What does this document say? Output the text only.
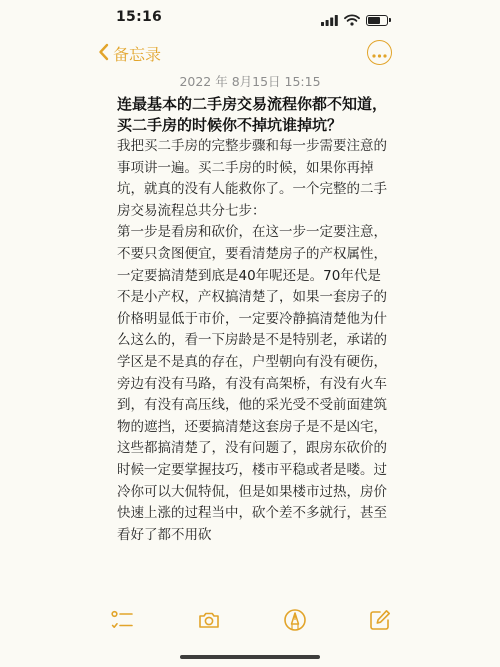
15:16
备忘录
2022 年 8月15日 15:15
连最基本的二手房交易流程你都不知道，买二手房的时候你不掉坑谁掉坑？
我把买二手房的完整步骤和每一步需要注意的事项讲一遍。买二手房的时候，如果你再掉坑，就真的没有人能救你了。一个完整的二手房交易流程总共分七步：
第一步是看房和砍价，在这一步一定要注意，不要只贪图便宜，要看清楚房子的产权属性，一定要搞清楚到底是40年呢还是。70年代是不是小产权，产权搞清楚了，如果一套房子的价格明显低于市价，一定要冷静搞清楚他为什么这么的，看一下房龄是不是特别老，承诺的学区是不是真的存在，户型朝向有没有硬伤，旁边有没有马路，有没有高架桥，有没有火车到，有没有高压线，他的采光受不受前面建筑物的遮挡，还要搞清楚这套房子是不是凶宅，这些都搞清楚了，没有问题了，跟房东砍价的时候一定要掌握技巧，楼市平稳或者是喽。过冷你可以大侃特侃，但是如果楼市过热，房价快速上涨的过程当中，砍个差不多就行，甚至看好了都不用砍
